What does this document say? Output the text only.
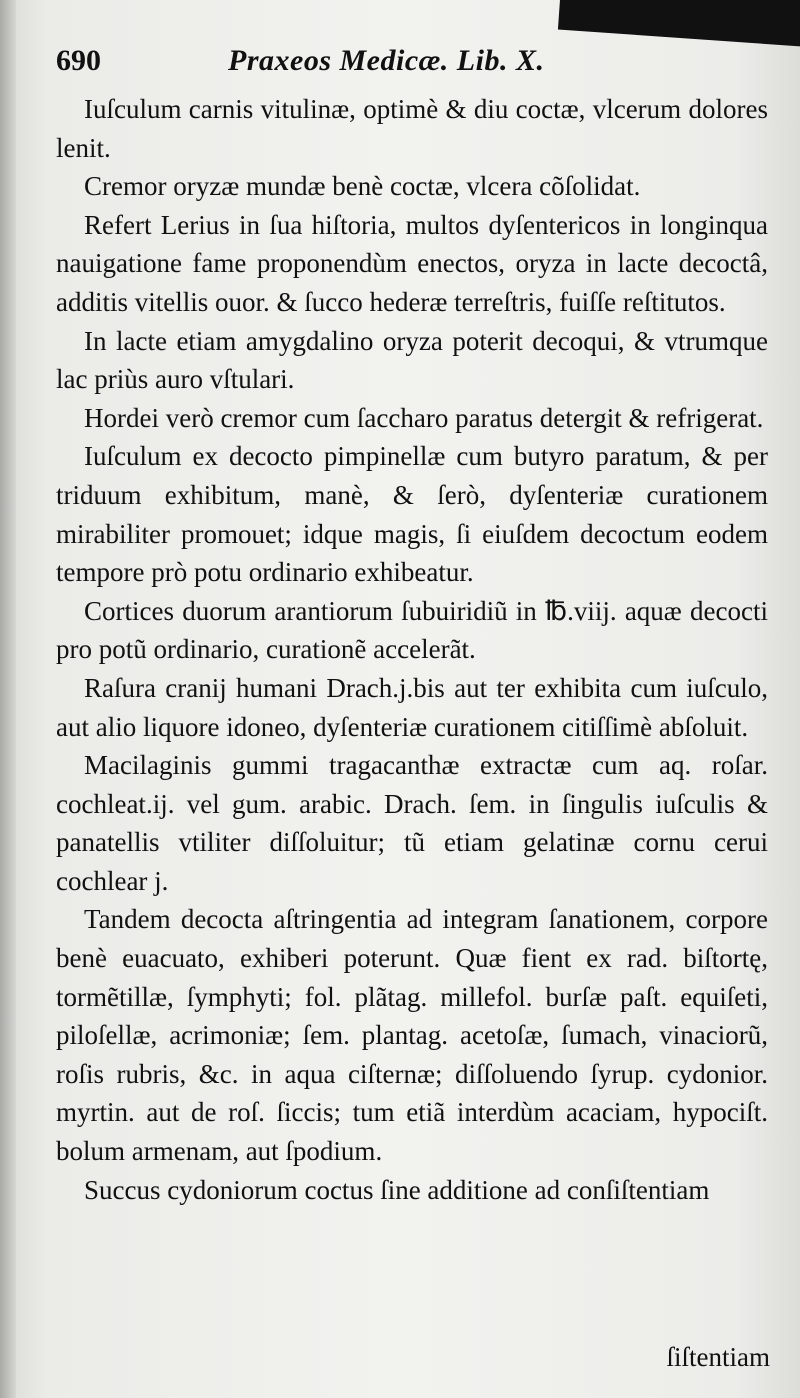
690	Praxeos Medicæ. Lib. X.

Iuſculum carnis vitulinæ, optimè & diu coctæ, vlcerum dolores lenit.

Cremor oryzæ mundæ benè coctæ, vlcera cõſolidat.

Refert Lerius in ſua hiſtoria, multos dyſentericos in longinqua nauigatione fame proponendùm enectos, oryza in lacte decoctâ, additis vitellis ouor. & ſucco hederæ terreſtris, fuiſſe reſtitutos.

In lacte etiam amygdalino oryza poterit decoqui, & vtrumque lac priùs auro vſtulari.

Hordei verò cremor cum ſaccharo paratus detergit & refrigerat.

Iuſculum ex decocto pimpinellæ cum butyro paratum, & per triduum exhibitum, manè, & ſerò, dyſenteriæ curationem mirabiliter promouet; idque magis, ſi eiuſdem decoctum eodem tempore prò potu ordinario exhibeatur.

Cortices duorum arantiorum ſubuiridiũ in ℔.viij. aquæ decocti pro potũ ordinario, curationẽ accelerãt.

Raſura cranij humani Drach.j.bis aut ter exhibita cum iuſculo, aut alio liquore idoneo, dyſenteriæ curationem citiſſimè abſoluit.

Macilaginis gummi tragacanthæ extractæ cum aq. roſar. cochleat.ij. vel gum. arabic. Drach. ſem. in ſingulis iuſculis & panatellis vtiliter diſſoluitur; tũ etiam gelatinæ cornu cerui cochlear j.

Tandem decocta aſtringentia ad integram ſanationem, corpore benè euacuato, exhiberi poterunt. Quæ fient ex rad. biſtortę, tormẽtillæ, ſymphyti; fol. plãtag. millefol. burſæ paſt. equiſeti, piloſellæ, acrimoniæ; ſem. plantag. acetoſæ, ſumach, vinaciorũ, roſis rubris, &c. in aqua ciſternæ; diſſoluendo ſyrup. cydonior. myrtin. aut de roſ. ſiccis; tum etiã interdùm acaciam, hypociſt. bolum armenam, aut ſpodium.

Succus cydoniorum coctus ſine additione ad conſiſtentiam

ſiſtentiam
